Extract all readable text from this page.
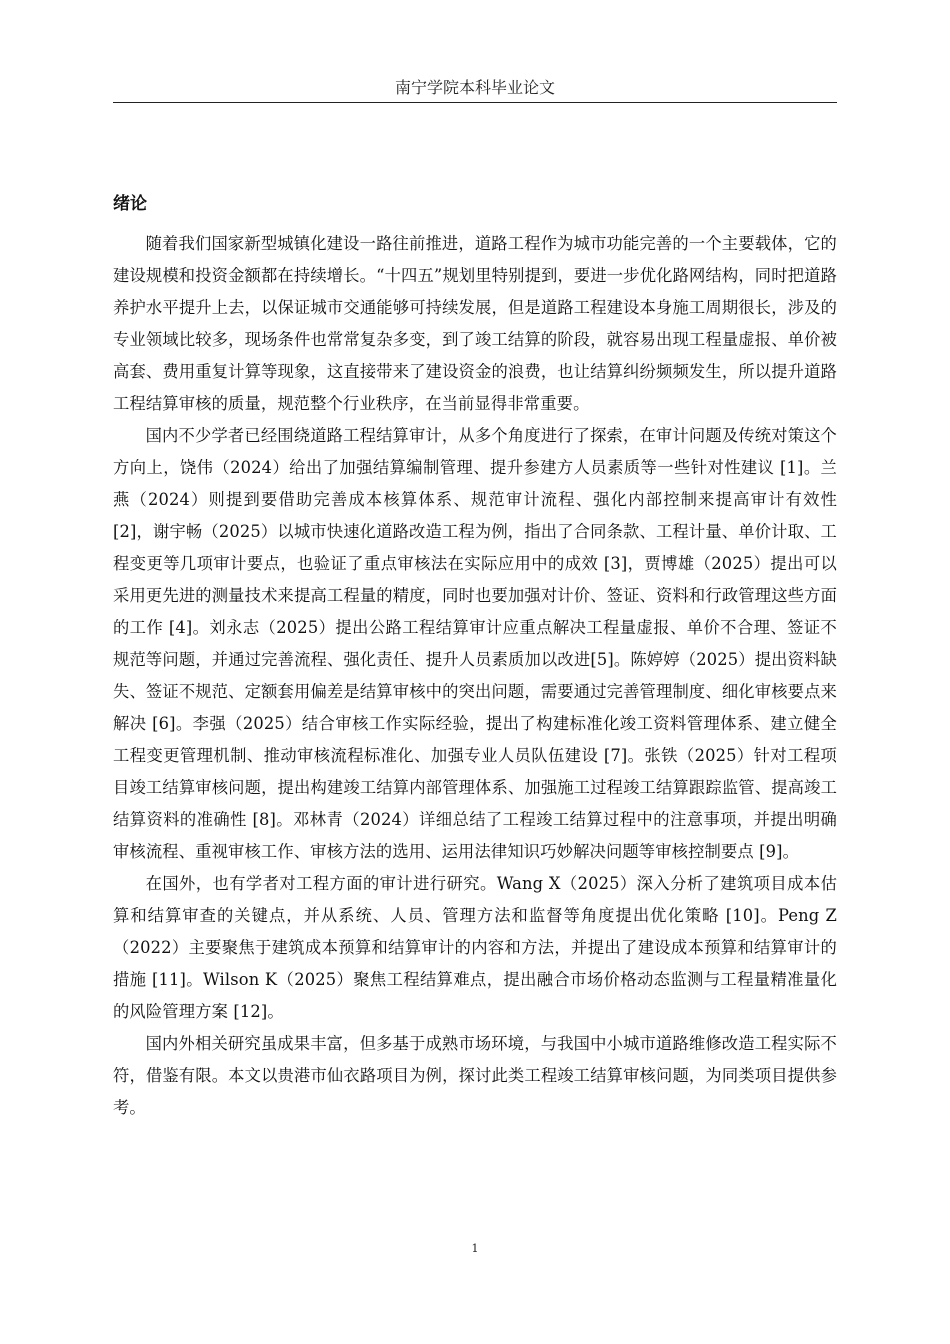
南宁学院本科毕业论文
绪论

随着我们国家新型城镇化建设一路往前推进，道路工程作为城市功能完善的一个主要载体，它的建设规模和投资金额都在持续增长。“十四五”规划里特别提到，要进一步优化路网结构，同时把道路养护水平提升上去，以保证城市交通能够可持续发展，但是道路工程建设本身施工周期很长，涉及的专业领域比较多，现场条件也常常复杂多变，到了竣工结算的阶段，就容易出现工程量虚报、单价被高套、费用重复计算等现象，这直接带来了建设资金的浪费，也让结算纠纷频频发生，所以提升道路工程结算审核的质量，规范整个行业秩序，在当前显得非常重要。

国内不少学者已经围绕道路工程结算审计，从多个角度进行了探索，在审计问题及传统对策这个方向上，饶伟（2024）给出了加强结算编制管理、提升参建方人员素质等一些针对性建议 [1]。兰燕（2024）则提到要借助完善成本核算体系、规范审计流程、强化内部控制来提高审计有效性 [2]，谢宇畅（2025）以城市快速化道路改造工程为例，指出了合同条款、工程计量、单价计取、工程变更等几项审计要点，也验证了重点审核法在实际应用中的成效 [3]，贾博雄（2025）提出可以采用更先进的测量技术来提高工程量的精度，同时也要加强对计价、签证、资料和行政管理这些方面的工作 [4]。刘永志（2025）提出公路工程结算审计应重点解决工程量虚报、单价不合理、签证不规范等问题，并通过完善流程、强化责任、提升人员素质加以改进[5]。陈婷婷（2025）提出资料缺失、签证不规范、定额套用偏差是结算审核中的突出问题，需要通过完善管理制度、细化审核要点来解决 [6]。李强（2025）结合审核工作实际经验，提出了构建标准化竣工资料管理体系、建立健全工程变更管理机制、推动审核流程标准化、加强专业人员队伍建设 [7]。张铁（2025）针对工程项目竣工结算审核问题，提出构建竣工结算内部管理体系、加强施工过程竣工结算跟踪监管、提高竣工结算资料的准确性 [8]。邓林青（2024）详细总结了工程竣工结算过程中的注意事项，并提出明确审核流程、重视审核工作、审核方法的选用、运用法律知识巧妙解决问题等审核控制要点 [9]。

在国外，也有学者对工程方面的审计进行研究。Wang X（2025）深入分析了建筑项目成本估算和结算审查的关键点，并从系统、人员、管理方法和监督等角度提出优化策略 [10]。Peng Z（2022）主要聚焦于建筑成本预算和结算审计的内容和方法，并提出了建设成本预算和结算审计的措施 [11]。Wilson K（2025）聚焦工程结算难点，提出融合市场价格动态监测与工程量精准量化的风险管理方案 [12]。

国内外相关研究虽成果丰富，但多基于成熟市场环境，与我国中小城市道路维修改造工程实际不符，借鉴有限。本文以贵港市仙衣路项目为例，探讨此类工程竣工结算审核问题，为同类项目提供参考。

1
